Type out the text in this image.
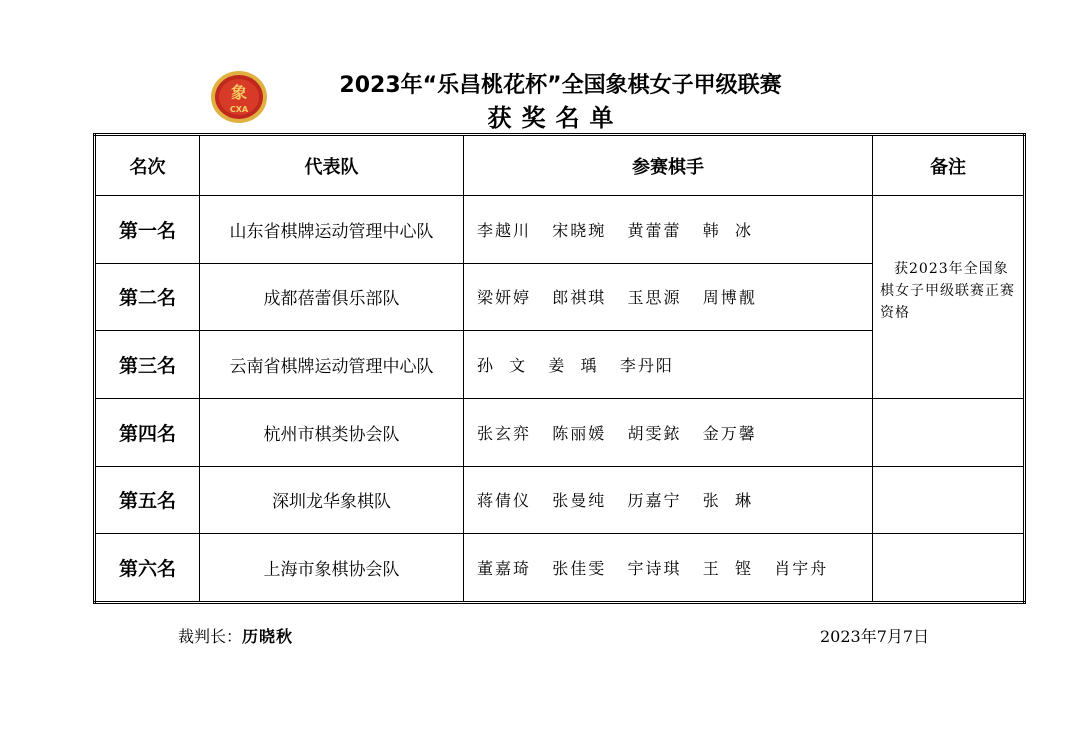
象
CXA
2023年“乐昌桃花杯”全国象棋女子甲级联赛
获奖名单
名次	代表队	参赛棋手	备注
第一名	山东省棋牌运动管理中心队	李越川   宋晓琬   黄蕾蕾   韩  冰	获2023年全国象棋女子甲级联赛正赛资格

第二名	成都蓓蕾俱乐部队	梁妍婷   郎祺琪   玉思源   周博靓	
第三名	云南省棋牌运动管理中心队	孙  文   姜  瑀   李丹阳	
第四名	杭州市棋类协会队	张玄弈   陈丽媛   胡雯銥   金万馨	
第五名	深圳龙华象棋队	蒋倩仪   张曼纯   历嘉宁   张  琳	
第六名	上海市象棋协会队	董嘉琦   张佳雯   宇诗琪   王  铿   肖宇舟	
裁判长：历晓秋	2023年7月7日
